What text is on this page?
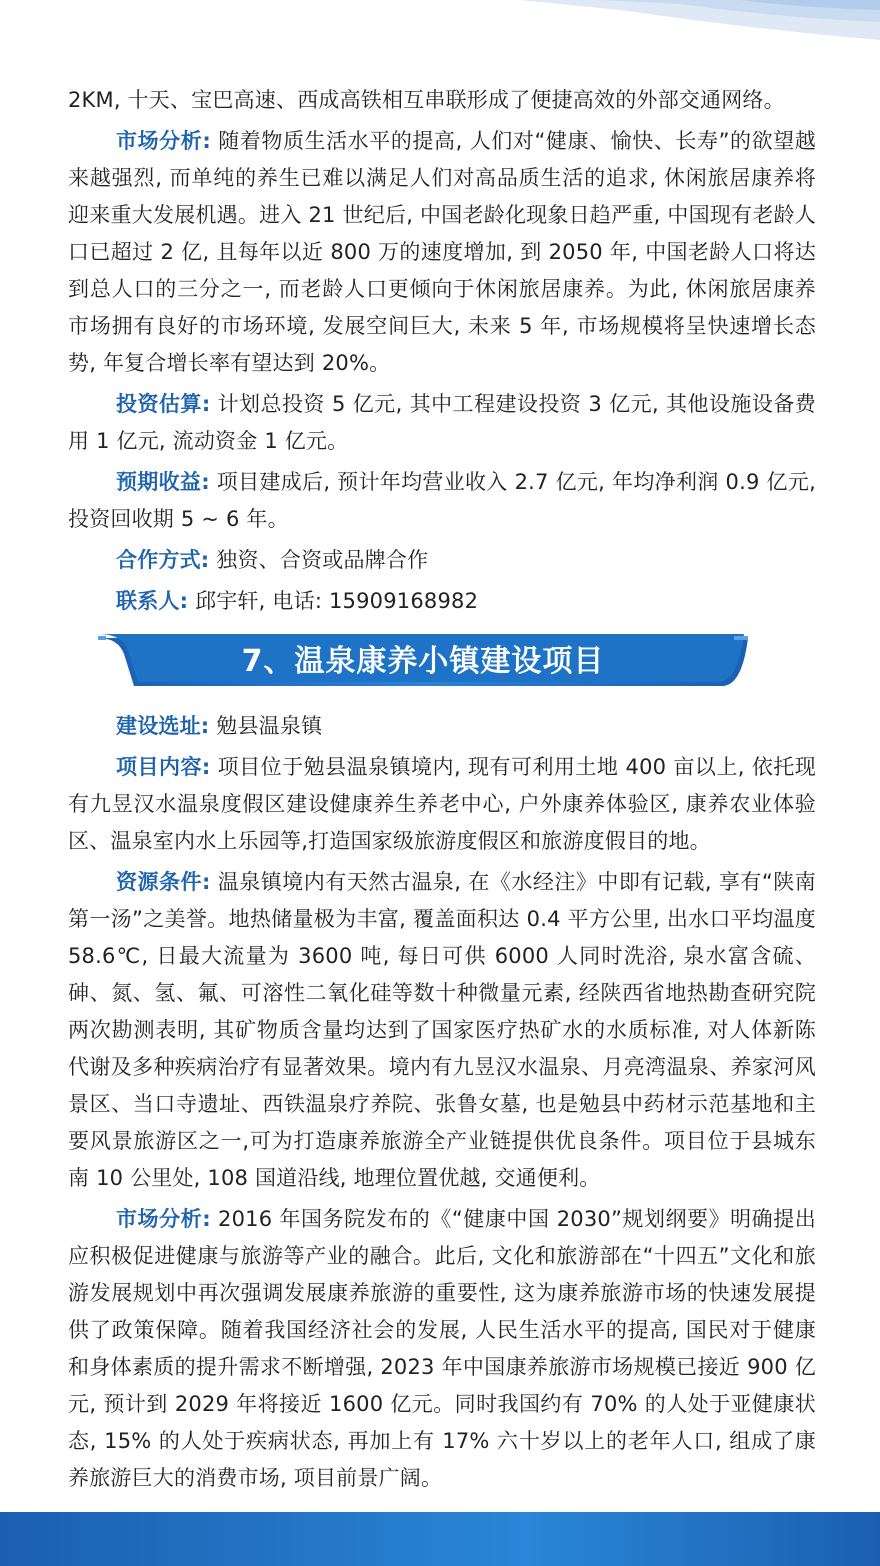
2KM, 十天、宝巴高速、西成高铁相互串联形成了便捷高效的外部交通网络。

市场分析: 随着物质生活水平的提高, 人们对“健康、愉快、长寿”的欲望越来越强烈, 而单纯的养生已难以满足人们对高品质生活的追求, 休闲旅居康养将迎来重大发展机遇。进入 21 世纪后, 中国老龄化现象日趋严重, 中国现有老龄人口已超过 2 亿, 且每年以近 800 万的速度增加, 到 2050 年, 中国老龄人口将达到总人口的三分之一, 而老龄人口更倾向于休闲旅居康养。为此, 休闲旅居康养市场拥有良好的市场环境, 发展空间巨大, 未来 5 年, 市场规模将呈快速增长态势, 年复合增长率有望达到 20%。

投资估算: 计划总投资 5 亿元, 其中工程建设投资 3 亿元, 其他设施设备费用 1 亿元, 流动资金 1 亿元。

预期收益: 项目建成后, 预计年均营业收入 2.7 亿元, 年均净利润 0.9 亿元, 投资回收期 5 ~ 6 年。

合作方式: 独资、合资或品牌合作

联系人: 邱宇轩, 电话: 15909168982

7、温泉康养小镇建设项目

建设选址: 勉县温泉镇

项目内容: 项目位于勉县温泉镇境内, 现有可利用土地 400 亩以上, 依托现有九昱汉水温泉度假区建设健康养生养老中心, 户外康养体验区, 康养农业体验区、温泉室内水上乐园等,打造国家级旅游度假区和旅游度假目的地。

资源条件: 温泉镇境内有天然古温泉, 在《水经注》中即有记载, 享有“陕南第一汤”之美誉。地热储量极为丰富, 覆盖面积达 0.4 平方公里, 出水口平均温度 58.6℃, 日最大流量为 3600 吨, 每日可供 6000 人同时洗浴, 泉水富含硫、砷、氮、氢、氟、可溶性二氧化硅等数十种微量元素, 经陕西省地热勘查研究院两次勘测表明, 其矿物质含量均达到了国家医疗热矿水的水质标准, 对人体新陈代谢及多种疾病治疗有显著效果。境内有九昱汉水温泉、月亮湾温泉、养家河风景区、当口寺遗址、西铁温泉疗养院、张鲁女墓, 也是勉县中药材示范基地和主要风景旅游区之一,可为打造康养旅游全产业链提供优良条件。项目位于县城东南 10 公里处, 108 国道沿线, 地理位置优越, 交通便利。

市场分析: 2016 年国务院发布的《“健康中国 2030”规划纲要》明确提出应积极促进健康与旅游等产业的融合。此后, 文化和旅游部在“十四五”文化和旅游发展规划中再次强调发展康养旅游的重要性, 这为康养旅游市场的快速发展提供了政策保障。随着我国经济社会的发展, 人民生活水平的提高, 国民对于健康和身体素质的提升需求不断增强, 2023 年中国康养旅游市场规模已接近 900 亿元, 预计到 2029 年将接近 1600 亿元。同时我国约有 70% 的人处于亚健康状态, 15% 的人处于疾病状态, 再加上有 17% 六十岁以上的老年人口, 组成了康养旅游巨大的消费市场, 项目前景广阔。
